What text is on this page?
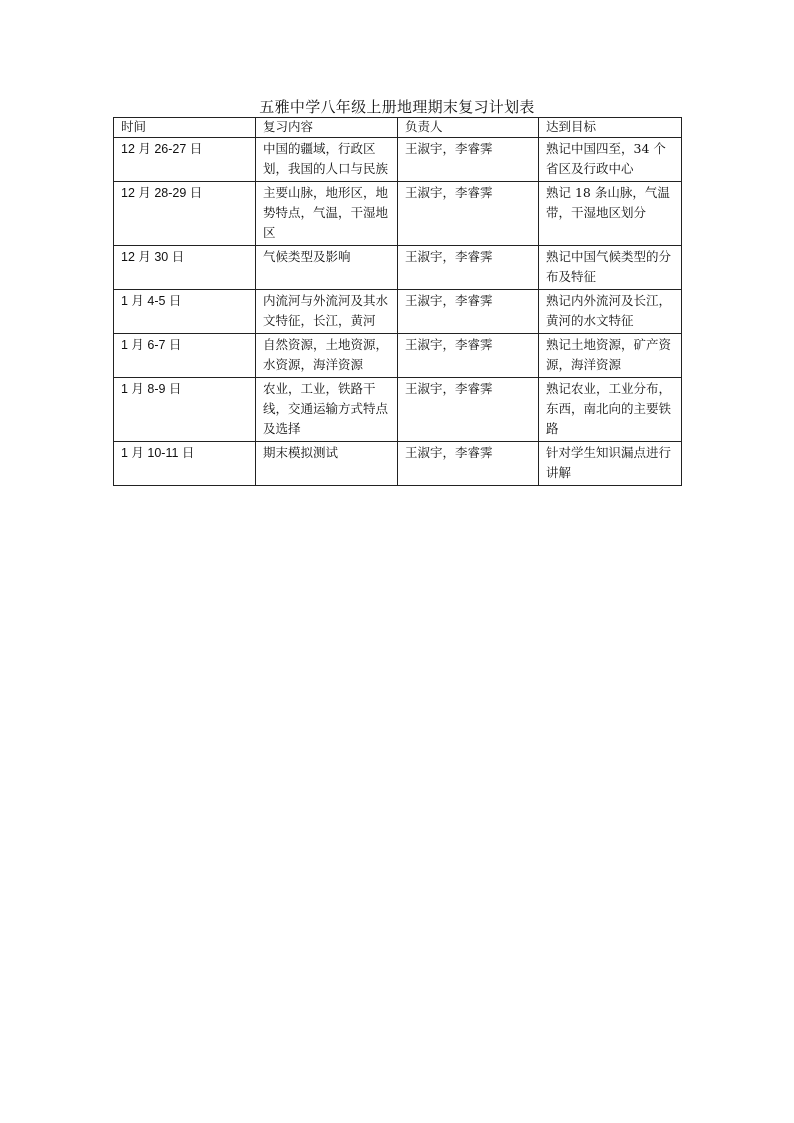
五雅中学八年级上册地理期末复习计划表
时间	复习内容	负责人	达到目标
12 月 26-27 日	中国的疆域，行政区划，我国的人口与民族	王淑宇，李睿霁	熟记中国四至，34 个省区及行政中心
12 月 28-29 日	主要山脉，地形区，地势特点，气温，干湿地区	王淑宇，李睿霁	熟记 18 条山脉，气温带，干湿地区划分
12 月 30 日	气候类型及影响	王淑宇，李睿霁	熟记中国气候类型的分布及特征
1 月 4-5 日	内流河与外流河及其水文特征，长江，黄河	王淑宇，李睿霁	熟记内外流河及长江，黄河的水文特征
1 月 6-7 日	自然资源，土地资源，水资源，海洋资源	王淑宇，李睿霁	熟记土地资源，矿产资源，海洋资源
1 月 8-9 日	农业，工业，铁路干线，交通运输方式特点及选择	王淑宇，李睿霁	熟记农业，工业分布，东西，南北向的主要铁路
1 月 10-11 日	期末模拟测试	王淑宇，李睿霁	针对学生知识漏点进行讲解
